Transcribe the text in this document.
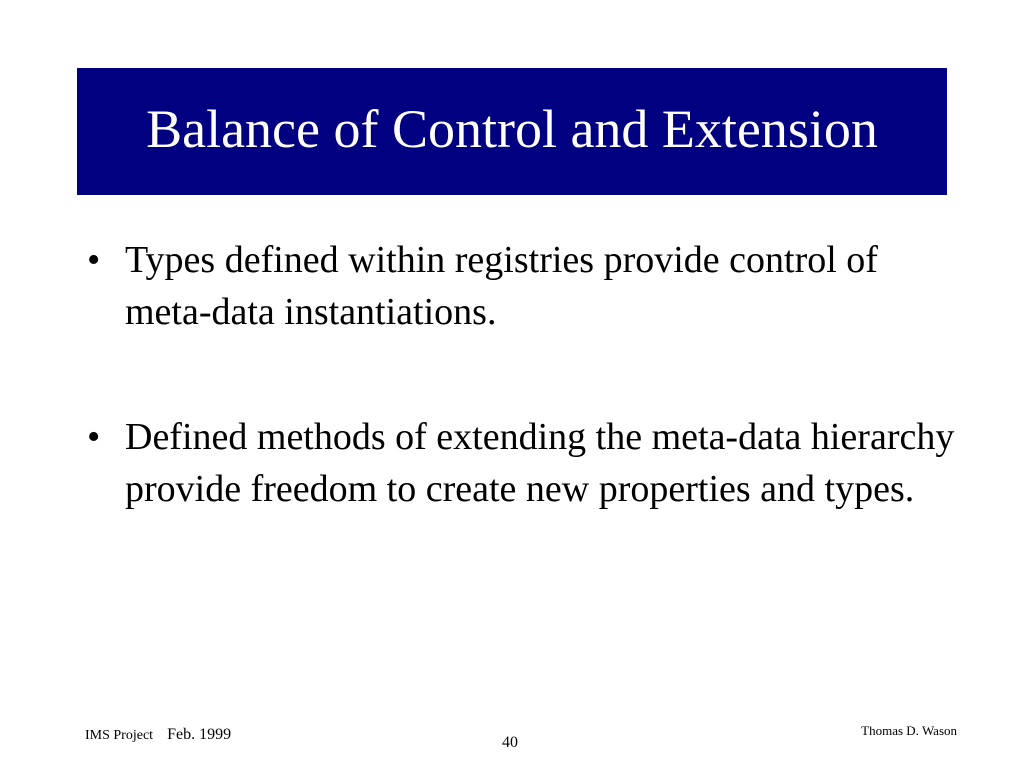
Balance of Control and Extension
• Types defined within registries provide control of meta-data instantiations.
• Defined methods of extending the meta-data hierarchy provide freedom to create new properties and types.
IMS Project Feb. 1999	40
Thomas D. Wason
